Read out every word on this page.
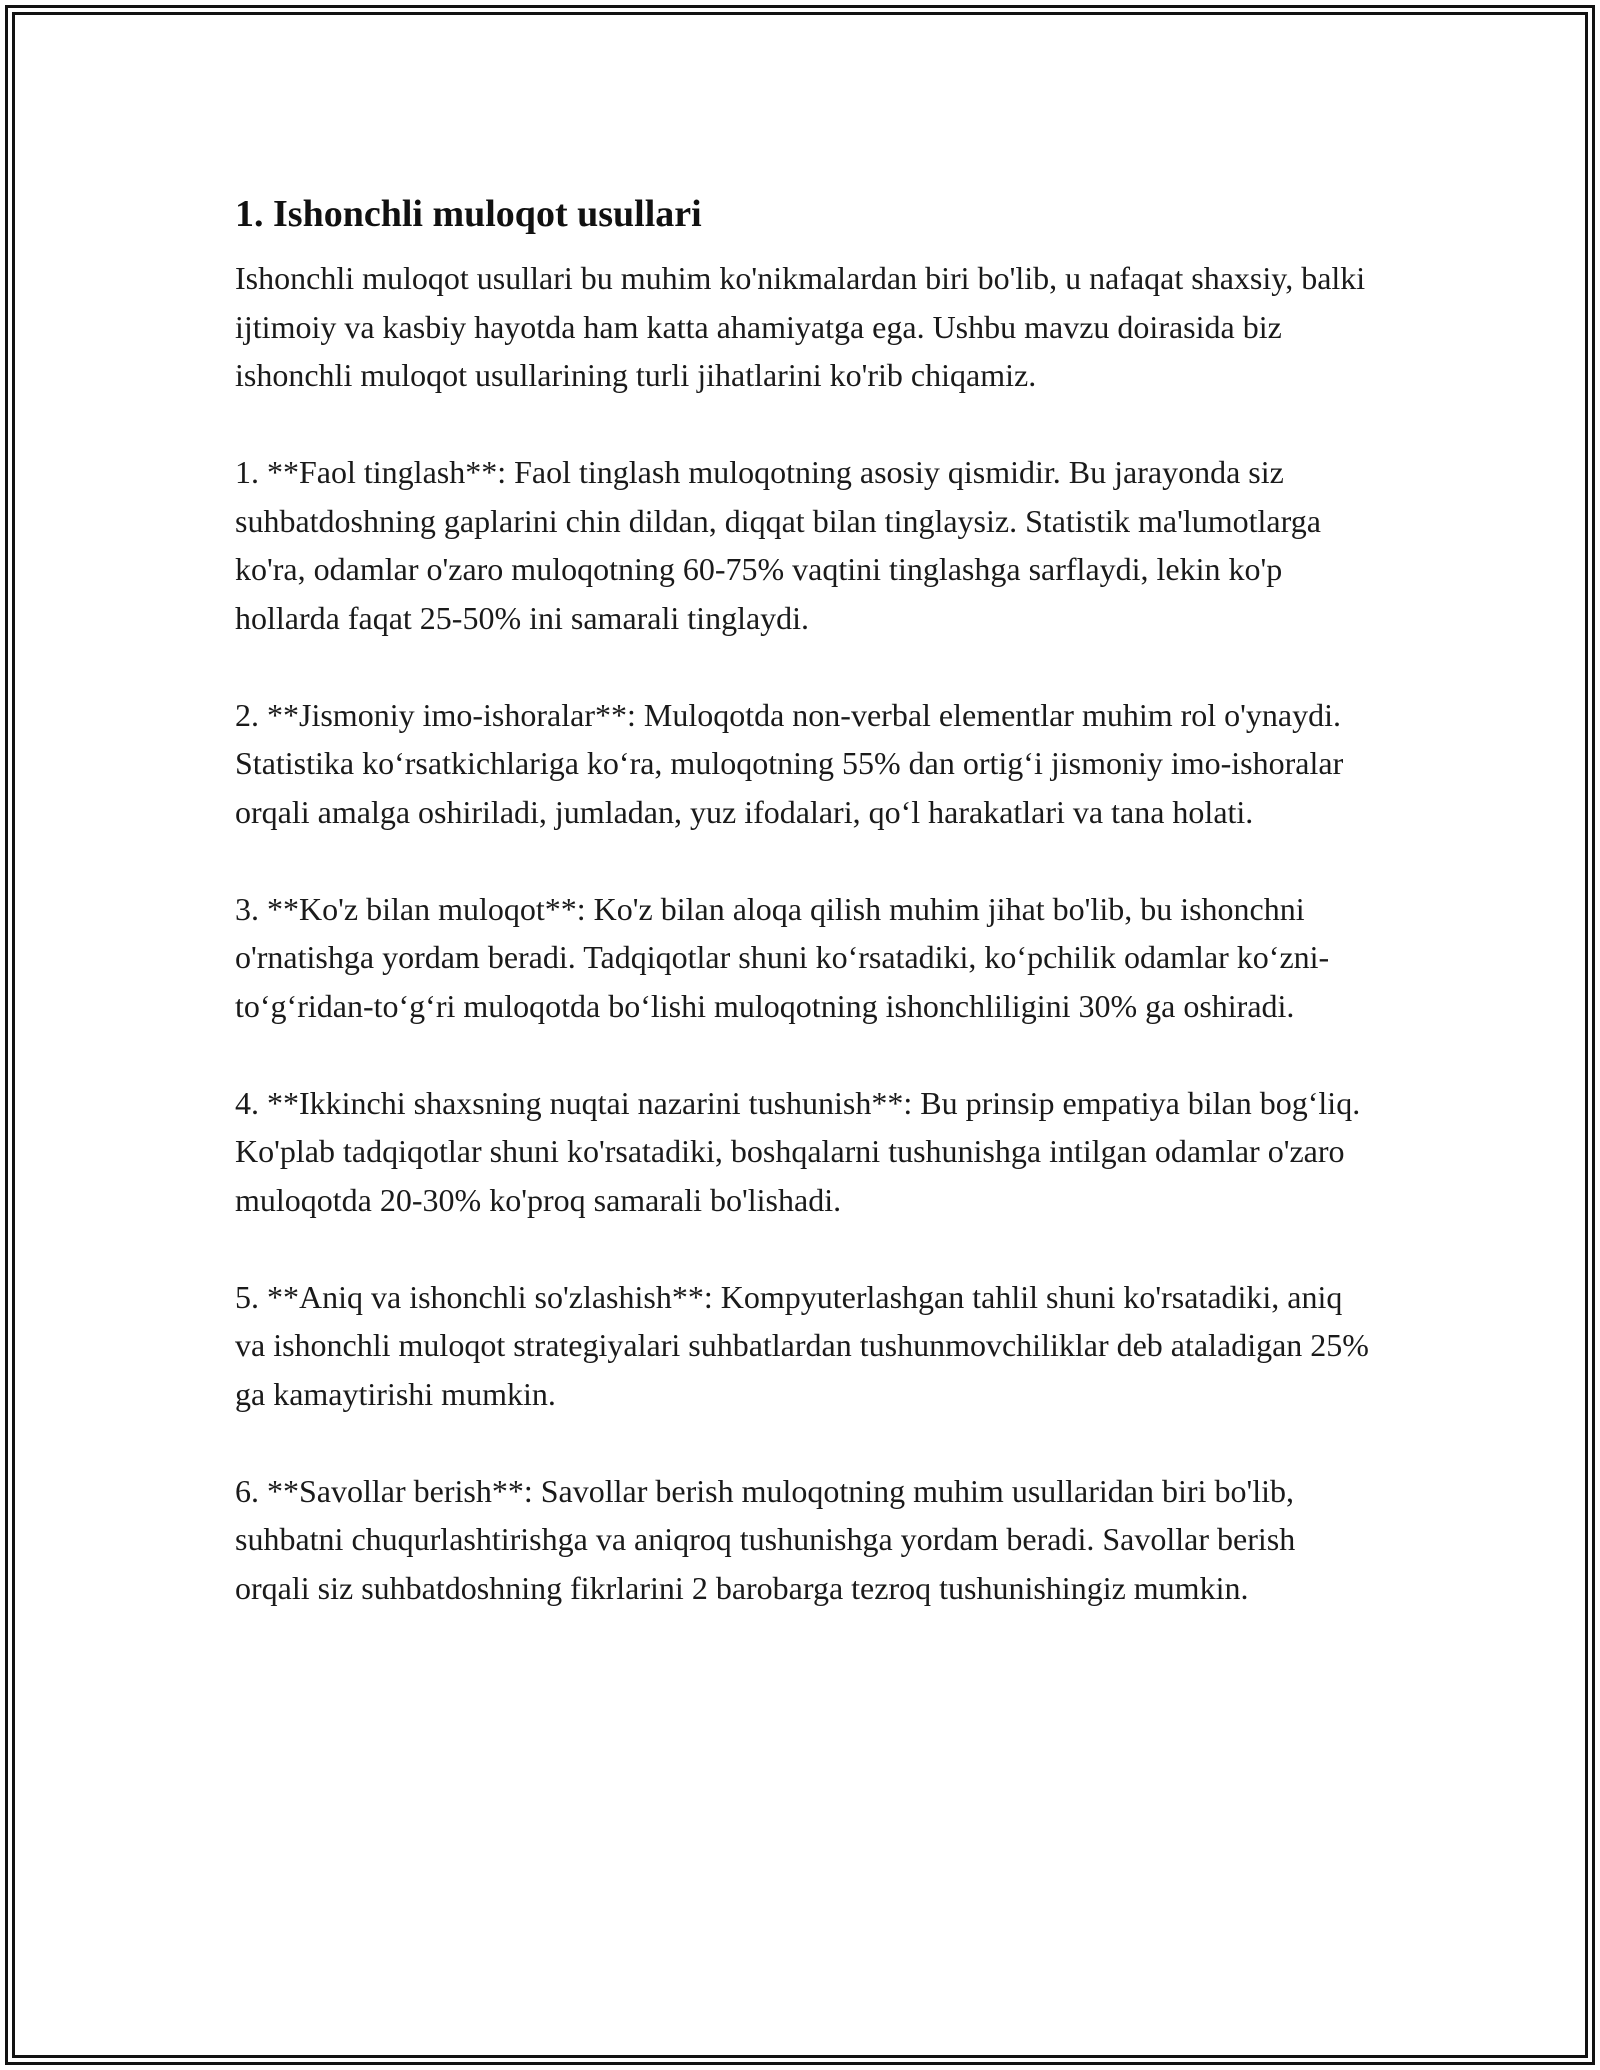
1. Ishonchli muloqot usullari

Ishonchli muloqot usullari bu muhim ko'nikmalardan biri bo'lib, u nafaqat shaxsiy, balki ijtimoiy va kasbiy hayotda ham katta ahamiyatga ega. Ushbu mavzu doirasida biz ishonchli muloqot usullarining turli jihatlarini ko'rib chiqamiz.

1. **Faol tinglash**: Faol tinglash muloqotning asosiy qismidir. Bu jarayonda siz suhbatdoshning gaplarini chin dildan, diqqat bilan tinglaysiz. Statistik ma'lumotlarga ko'ra, odamlar o'zaro muloqotning 60-75% vaqtini tinglashga sarflaydi, lekin ko'p hollarda faqat 25-50% ini samarali tinglaydi.

2. **Jismoniy imo-ishoralar**: Muloqotda non-verbal elementlar muhim rol o'ynaydi. Statistika ko‘rsatkichlariga ko‘ra, muloqotning 55% dan ortig‘i jismoniy imo-ishoralar orqali amalga oshiriladi, jumladan, yuz ifodalari, qo‘l harakatlari va tana holati.

3. **Ko'z bilan muloqot**: Ko'z bilan aloqa qilish muhim jihat bo'lib, bu ishonchni o'rnatishga yordam beradi. Tadqiqotlar shuni ko‘rsatadiki, ko‘pchilik odamlar ko‘zni-to‘g‘ridan-to‘g‘ri muloqotda bo‘lishi muloqotning ishonchliligini 30% ga oshiradi.

4. **Ikkinchi shaxsning nuqtai nazarini tushunish**: Bu prinsip empatiya bilan bog‘liq. Ko'plab tadqiqotlar shuni ko'rsatadiki, boshqalarni tushunishga intilgan odamlar o'zaro muloqotda 20-30% ko'proq samarali bo'lishadi.

5. **Aniq va ishonchli so'zlashish**: Kompyuterlashgan tahlil shuni ko'rsatadiki, aniq va ishonchli muloqot strategiyalari suhbatlardan tushunmovchiliklar deb ataladigan 25% ga kamaytirishi mumkin.

6. **Savollar berish**: Savollar berish muloqotning muhim usullaridan biri bo'lib, suhbatni chuqurlashtirishga va aniqroq tushunishga yordam beradi. Savollar berish orqali siz suhbatdoshning fikrlarini 2 barobarga tezroq tushunishingiz mumkin.
